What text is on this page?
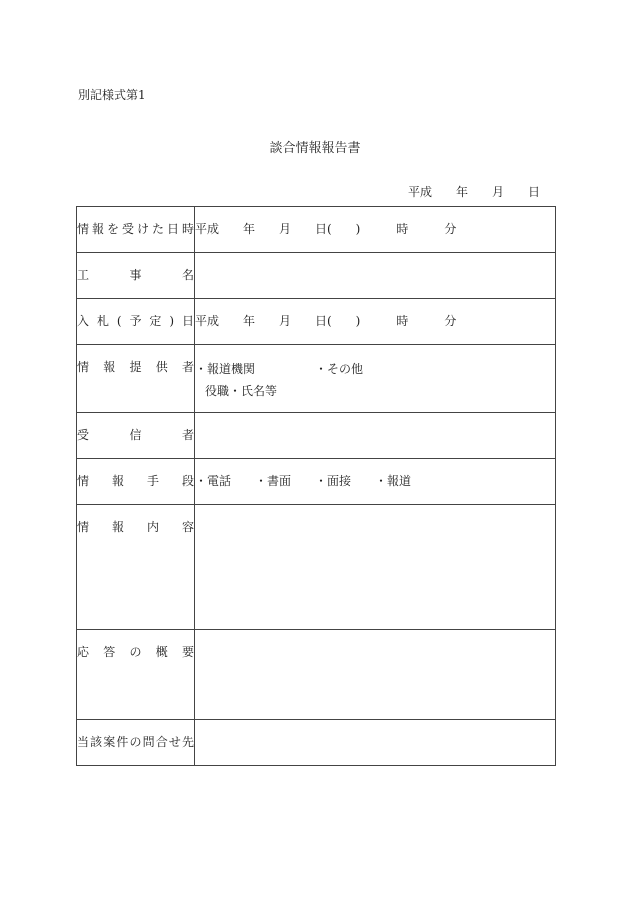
別記様式第1
談合情報報告書
平成　　年　　月　　日
情報を受けた日時	平成　　年　　月　　日(　　)　　　時　　　分

工事名	

入札(予定)日	平成　　年　　月　　日(　　)　　　時　　　分

情報提供者	・報道機関　　　　　・その他
役職・氏名等

受信者	

情報手段	・電話　　・書面　　・面接　　・報道

情報内容	

応答の概要	

当該案件の問合せ先	
